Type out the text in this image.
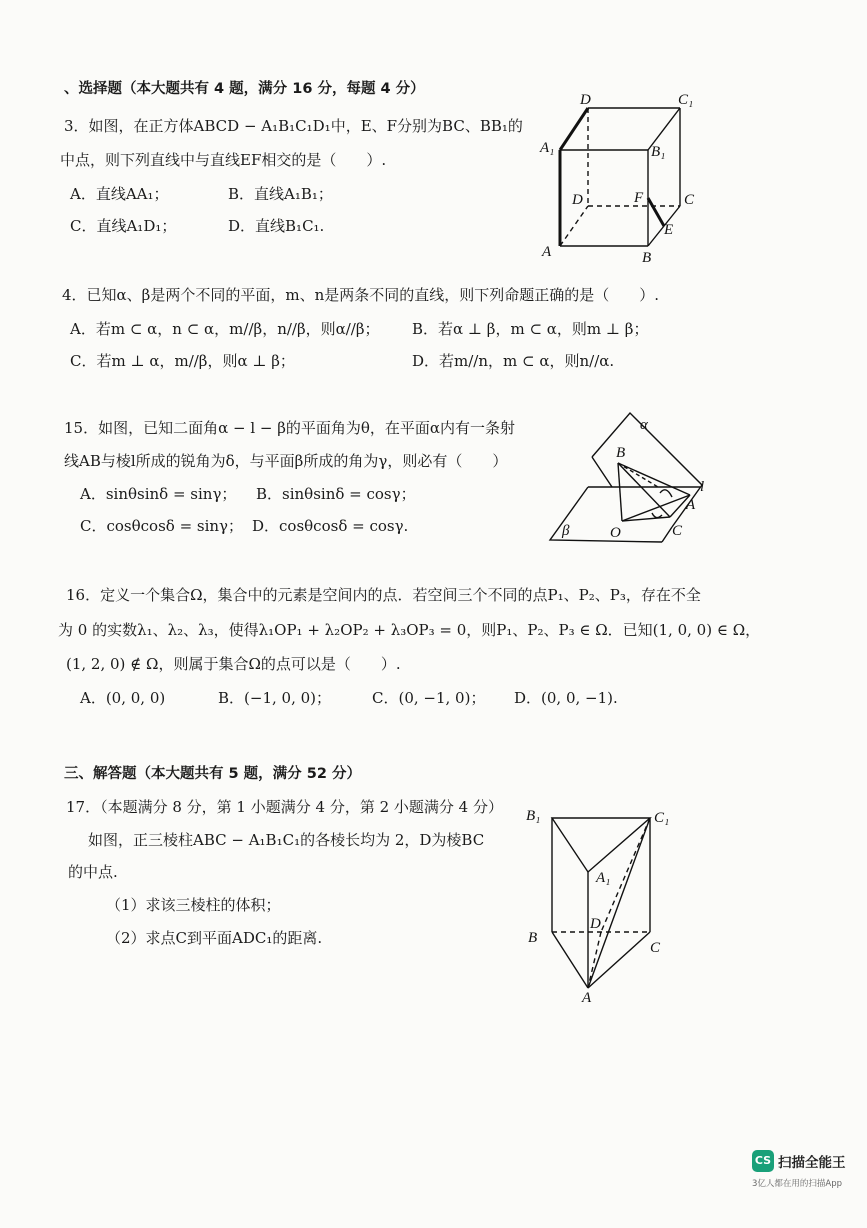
、选择题（本大题共有 4 题，满分 16 分，每题 4 分）
3．如图，在正方体ABCD − A₁B₁C₁D₁中，E、F分别为BC、BB₁的
中点，则下列直线中与直线EF相交的是（　　）.
A．直线AA₁；	B．直线A₁B₁；
C．直线A₁D₁；	D．直线B₁C₁.
D	C₁
A₁	B₁
D	F	C
E
A	B
4．已知α、β是两个不同的平面，m、n是两条不同的直线，则下列命题正确的是（　　）.
A．若m ⊂ α，n ⊂ α，m//β，n//β，则α//β； B．若α ⊥ β，m ⊂ α，则m ⊥ β；
C．若m ⊥ α，m//β，则α ⊥ β；	D．若m//n，m ⊂ α，则n//α.
15．如图，已知二面角α − l − β的平面角为θ，在平面α内有一条射
线AB与棱l所成的锐角为δ，与平面β所成的角为γ，则必有（　　）
A．sinθsinδ = sinγ； B．sinθsinδ = cosγ；
C．cosθcosδ = sinγ； D．cosθcosδ = cosγ.
α
B
l
A
β	O	C
16．定义一个集合Ω，集合中的元素是空间内的点．若空间三个不同的点P₁、P₂、P₃，存在不全
为 0 的实数λ₁、λ₂、λ₃，使得λ₁OP₁ + λ₂OP₂ + λ₃OP₃ = 0，则P₁、P₂、P₃ ∈ Ω．已知(1, 0, 0) ∈ Ω，
(1, 2, 0) ∉ Ω，则属于集合Ω的点可以是（　　）.
A．(0, 0, 0)	B．(−1, 0, 0)；	C．(0, −1, 0)； D．(0, 0, −1).
三、解答题（本大题共有 5 题，满分 52 分）
17．（本题满分 8 分，第 1 小题满分 4 分，第 2 小题满分 4 分）
如图，正三棱柱ABC − A₁B₁C₁的各棱长均为 2，D为棱BC
的中点.
（1）求该三棱柱的体积；
（2）求点C到平面ADC₁的距离.
B₁	C₁
A₁
D
B
C
A
CS 扫描全能王
3亿人都在用的扫描App
